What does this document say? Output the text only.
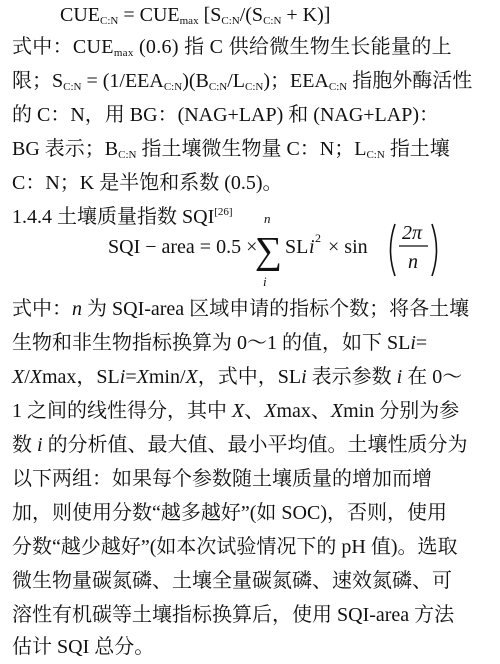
$CUE_{C:N} = CUE_{max}$ $[S_{C:N}/(S_{C:N} + K)]$
式中：$CUE_{max}$ (0.6) 指 C 供给微生物生长能量的上
限；$S_{C:N} = (1/EEA_{C:N})(B_{C:N}/L_{C:N})$；$EEA_{C:N}$ 指胞外酶活性
的 C：N，用 BG：(NAG+LAP) 和 (NAG+LAP)：
BG 表示；$B_{C:N}$ 指土壤微生物量 C：N；$L_{C:N}$ 指土壤
C：N；K 是半饱和系数 (0.5)。
1.4.4 土壤质量指数 SQI[26]
SQI − area = 0.5 ×
n
∑
i
SL i 2 × sin
2π
n
式中：n 为 SQI-area 区域申请的指标个数；将各土壤
生物和非生物指标换算为 0～1 的值，如下 SLi=
X/Xmax，SLi=Xmin/X，式中，SLi 表示参数 i 在 0～
1 之间的线性得分，其中 X、Xmax、Xmin 分别为参
数 i 的分析值、最大值、最小平均值。土壤性质分为
以下两组：如果每个参数随土壤质量的增加而增
加，则使用分数“越多越好”(如 SOC)，否则，使用
分数“越少越好”(如本次试验情况下的 pH 值)。选取
微生物量碳氮磷、土壤全量碳氮磷、速效氮磷、可
溶性有机碳等土壤指标换算后，使用 SQI-area 方法
估计 SQI 总分。
